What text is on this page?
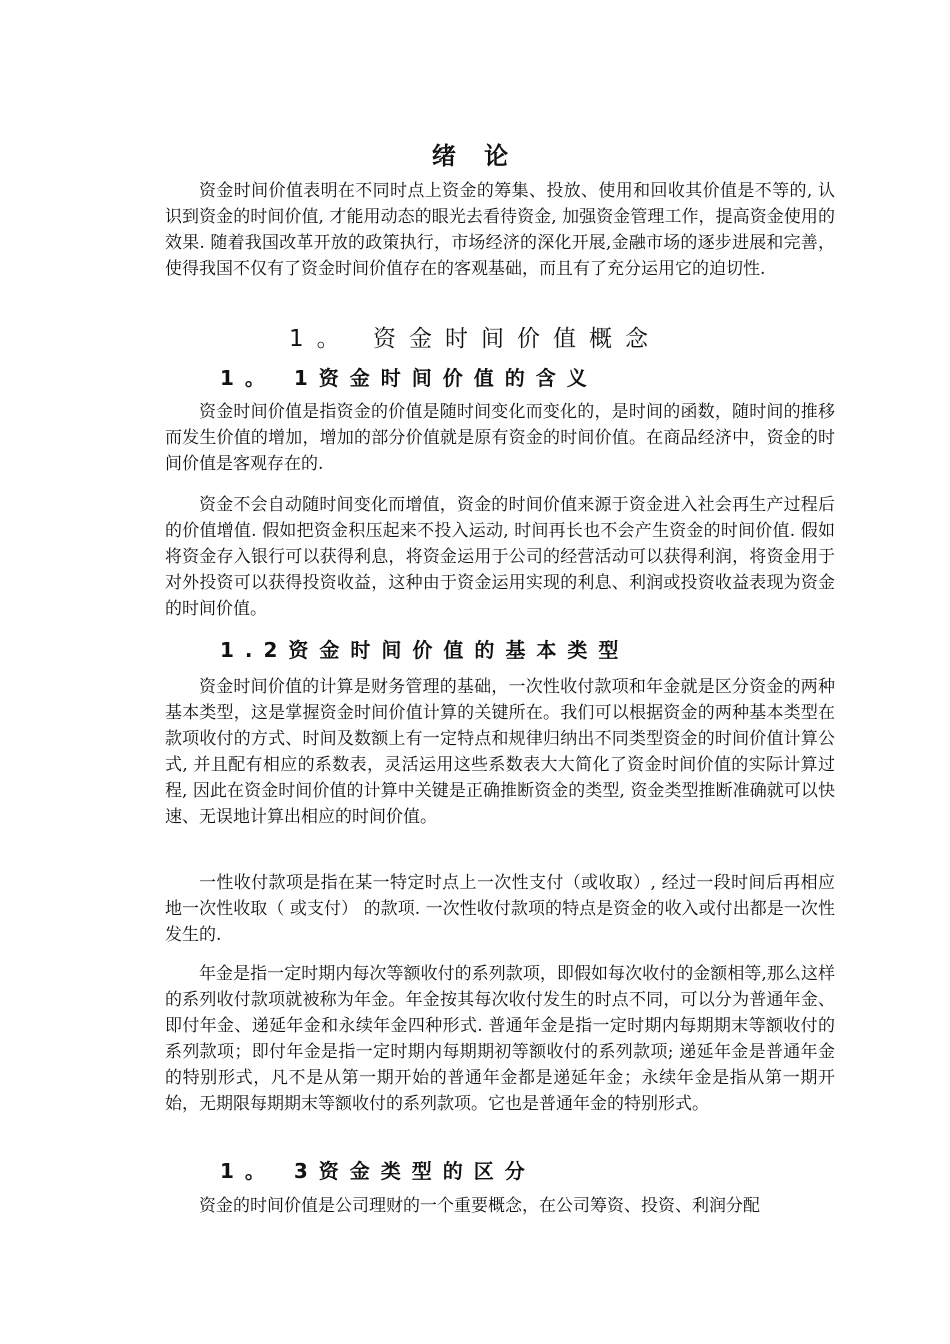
绪 论

资金时间价值表明在不同时点上资金的筹集、投放、使用和回收其价值是不等的, 认识到资金的时间价值, 才能用动态的眼光去看待资金, 加强资金管理工作，提高资金使用的效果. 随着我国改革开放的政策执行，市场经济的深化开展,金融市场的逐步进展和完善，使得我国不仅有了资金时间价值存在的客观基础，而且有了充分运用它的迫切性.

1。 资金时间价值概念
1。 1资金时间价值的含义

资金时间价值是指资金的价值是随时间变化而变化的，是时间的函数，随时间的推移而发生价值的增加，增加的部分价值就是原有资金的时间价值。在商品经济中，资金的时间价值是客观存在的.

资金不会自动随时间变化而增值，资金的时间价值来源于资金进入社会再生产过程后的价值增值. 假如把资金积压起来不投入运动, 时间再长也不会产生资金的时间价值. 假如将资金存入银行可以获得利息，将资金运用于公司的经营活动可以获得利润，将资金用于对外投资可以获得投资收益，这种由于资金运用实现的利息、利润或投资收益表现为资金的时间价值。

1.2资金时间价值的基本类型

资金时间价值的计算是财务管理的基础，一次性收付款项和年金就是区分资金的两种基本类型，这是掌握资金时间价值计算的关键所在。我们可以根据资金的两种基本类型在款项收付的方式、时间及数额上有一定特点和规律归纳出不同类型资金的时间价值计算公式, 并且配有相应的系数表，灵活运用这些系数表大大简化了资金时间价值的实际计算过程, 因此在资金时间价值的计算中关键是正确推断资金的类型, 资金类型推断准确就可以快速、无误地计算出相应的时间价值。

一性收付款项是指在某一特定时点上一次性支付（或收取）, 经过一段时间后再相应地一次性收取（ 或支付） 的款项. 一次性收付款项的特点是资金的收入或付出都是一次性发生的.

年金是指一定时期内每次等额收付的系列款项，即假如每次收付的金额相等,那么这样的系列收付款项就被称为年金。年金按其每次收付发生的时点不同，可以分为普通年金、即付年金、递延年金和永续年金四种形式. 普通年金是指一定时期内每期期末等额收付的系列款项；即付年金是指一定时期内每期期初等额收付的系列款项; 递延年金是普通年金的特别形式，凡不是从第一期开始的普通年金都是递延年金；永续年金是指从第一期开始，无期限每期期末等额收付的系列款项。它也是普通年金的特别形式。

1。 3资金类型的区分

资金的时间价值是公司理财的一个重要概念，在公司筹资、投资、利润分配
